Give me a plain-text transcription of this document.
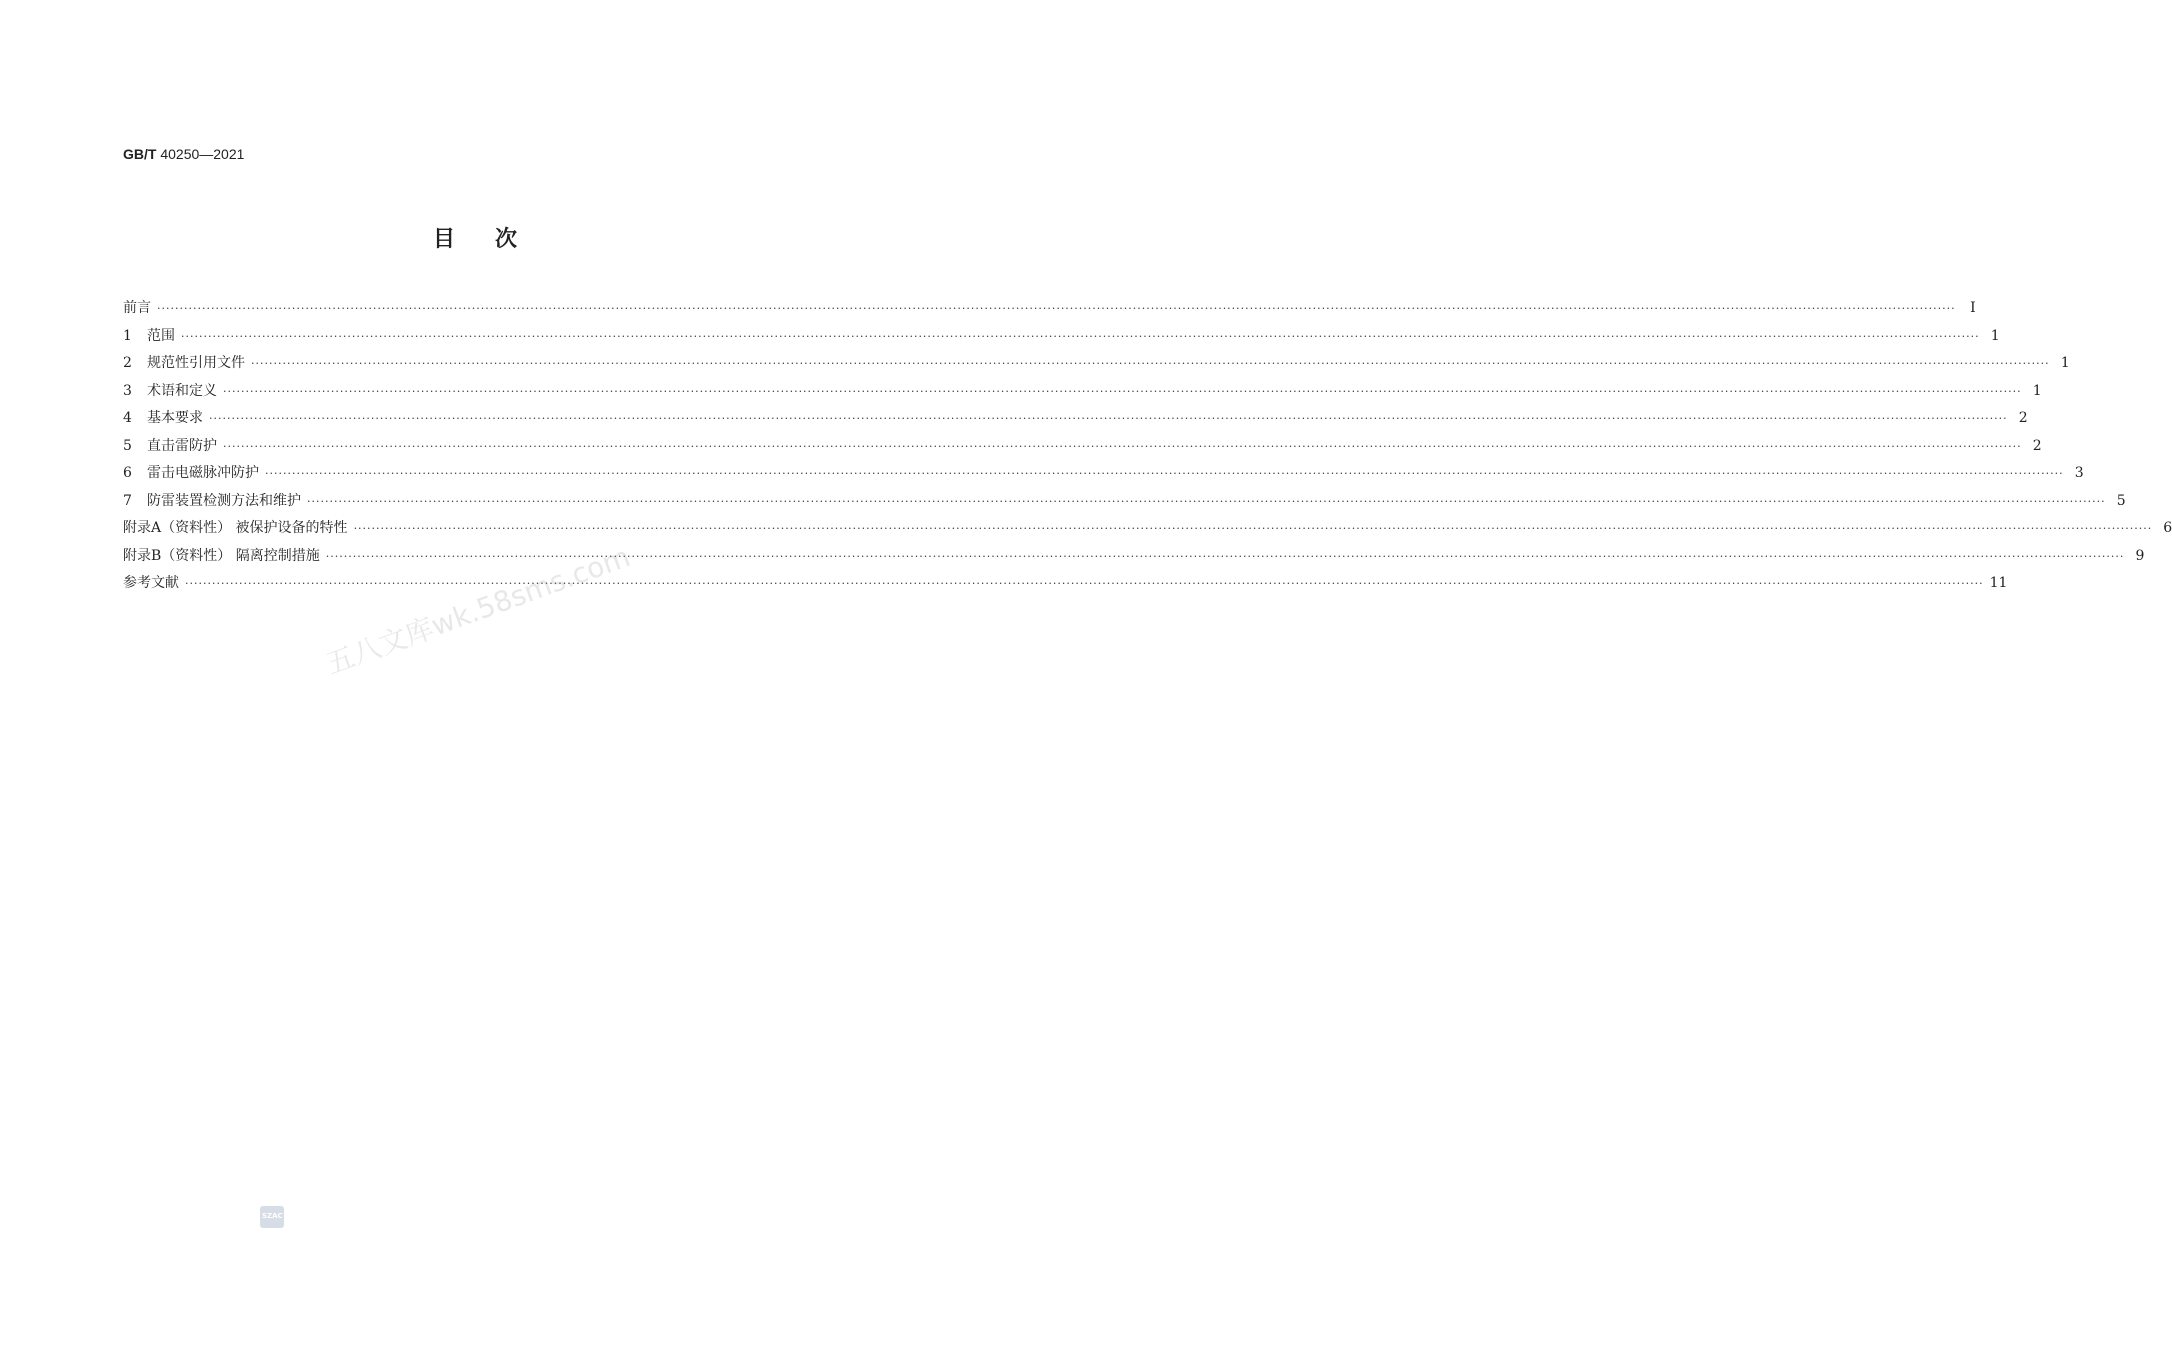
GB/T 40250—2021
目次
前言 ················································································································································································································································································································································································································	Ⅰ
1 范围 ················································································································································································································································································································································································································ 1
2 规范性引用文件 ················································································································································································································································································································································································································ 1
3 术语和定义 ················································································································································································································································································································································································································ 1
4 基本要求 ················································································································································································································································································································································································································ 2
5 直击雷防护 ················································································································································································································································································································································································································ 2
6 雷击电磁脉冲防护 ················································································································································································································································································································································································································ 3
7 防雷装置检测方法和维护 ················································································································································································································································································································································································································ 5
附录A（资料性） 被保护设备的特性 ················································································································································································································································································································································································································ 6
附录B（资料性） 隔离控制措施 ················································································································································································································································································································································································································ 9
参考文献 ················································································································································································································································································································································································································ 11
五八文库wk.58sms.com
SZAC
